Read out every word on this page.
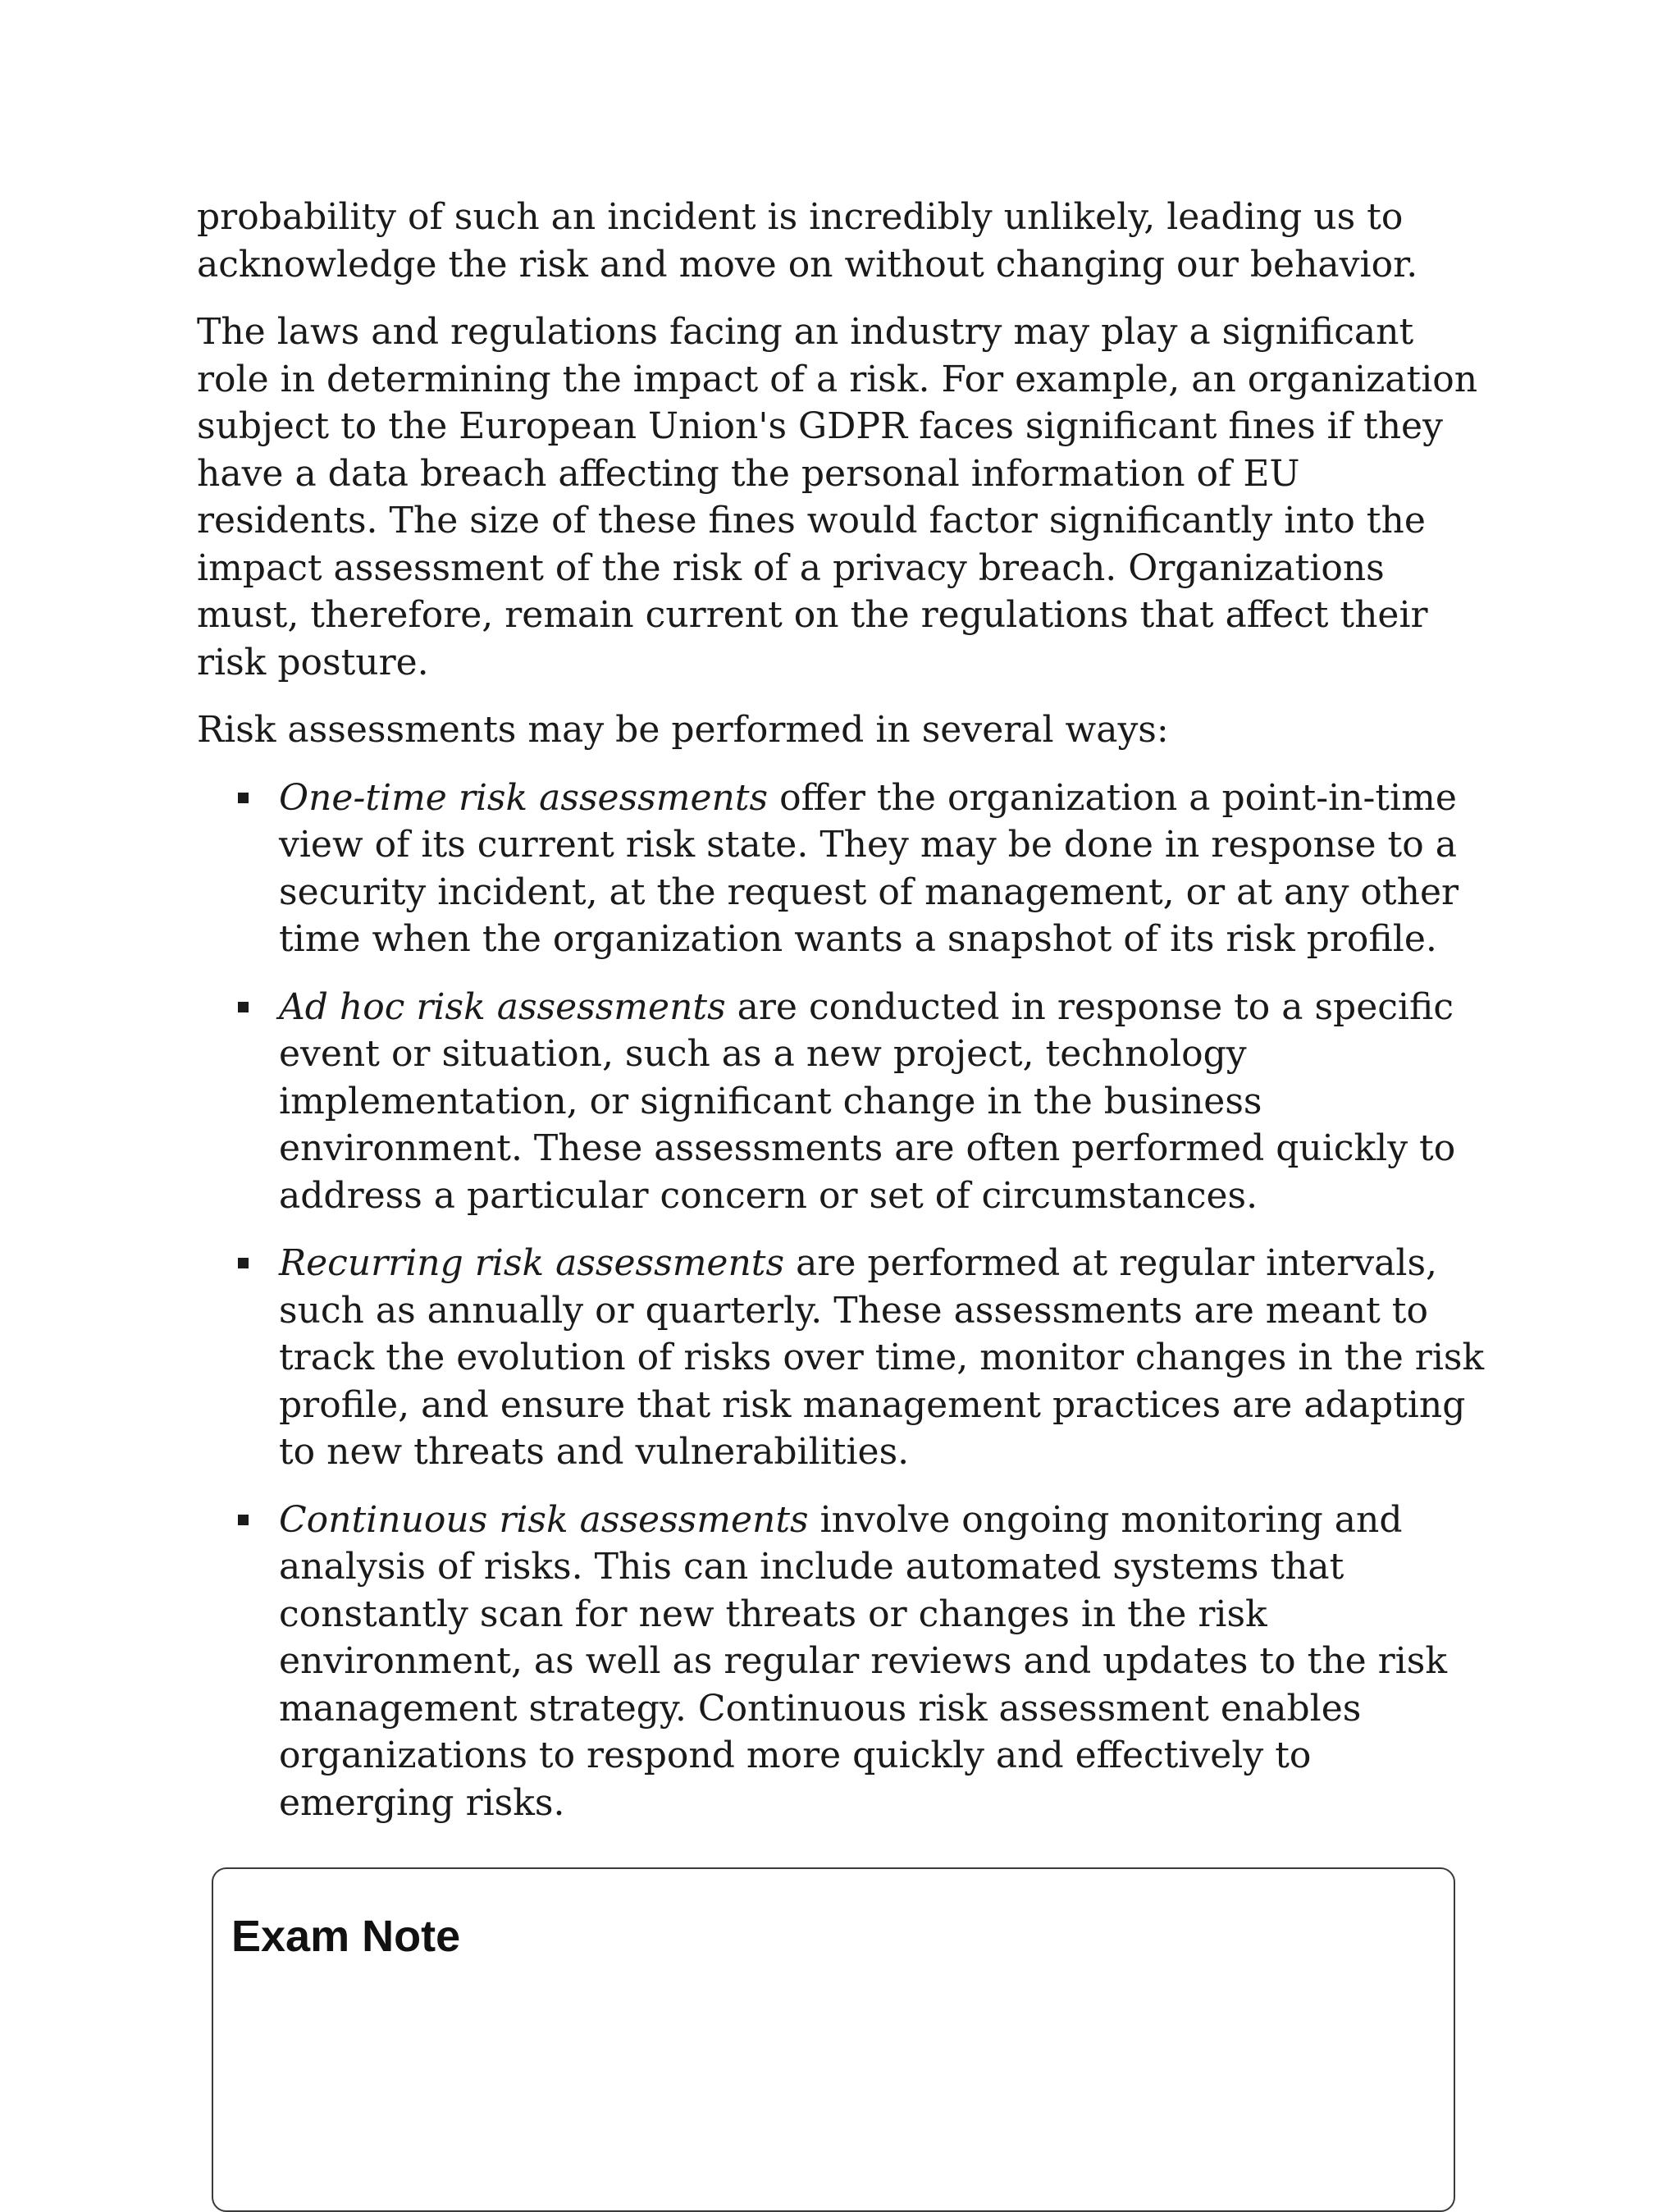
probability of such an incident is incredibly unlikely, leading us to acknowledge the risk and move on without changing our behavior.

The laws and regulations facing an industry may play a significant role in determining the impact of a risk. For example, an organization subject to the European Union's GDPR faces significant fines if they have a data breach affecting the personal information of EU residents. The size of these fines would factor significantly into the impact assessment of the risk of a privacy breach. Organizations must, therefore, remain current on the regulations that affect their risk posture.

Risk assessments may be performed in several ways:

One-time risk assessments offer the organization a point-in-time view of its current risk state. They may be done in response to a security incident, at the request of management, or at any other time when the organization wants a snapshot of its risk profile.
Ad hoc risk assessments are conducted in response to a specific event or situation, such as a new project, technology implementation, or significant change in the business environment. These assessments are often performed quickly to address a particular concern or set of circumstances.
Recurring risk assessments are performed at regular intervals, such as annually or quarterly. These assessments are meant to track the evolution of risks over time, monitor changes in the risk profile, and ensure that risk management practices are adapting to new threats and vulnerabilities.
Continuous risk assessments involve ongoing monitoring and analysis of risks. This can include automated systems that constantly scan for new threats or changes in the risk environment, as well as regular reviews and updates to the risk management strategy. Continuous risk assessment enables organizations to respond more quickly and effectively to emerging risks.
Exam Note
